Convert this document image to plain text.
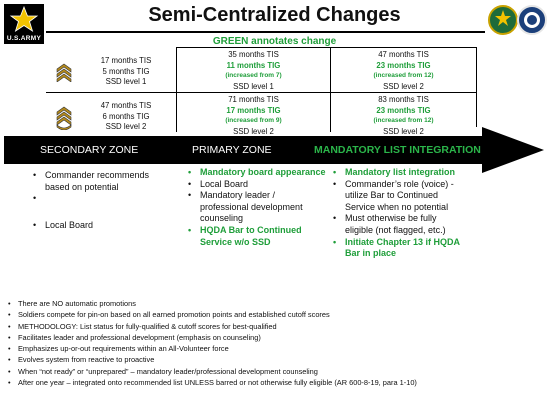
U.S.ARMY
Semi-Centralized Changes
GREEN annotates change
17 months TIS
5 months TIG
SSD level 1
35 months TIS
11 months TIG
(increased from 7)
SSD level 1
47 months TIS
23 months TIG
(increased from 12)
SSD level 2
47 months TIS
6 months TIG
SSD level 2
71 months TIS
17 months TIG
(increased from 9)
SSD level 2
83 months TIS
23 months TIG
(increased from 12)
SSD level 2
SECONDARY ZONE	PRIMARY ZONE	MANDATORY LIST INTEGRATION
• Commander recommends based on potential
•
• Local Board
• Mandatory board appearance
• Local Board
• Mandatory leader / professional development counseling
• HQDA Bar to Continued Service w/o SSD
• Mandatory list integration
• Commander’s role (voice) - utilize Bar to Continued Service when no potential
• Must otherwise be fully eligible (not flagged, etc.)
• Initiate Chapter 13 if HQDA Bar in place
• There are NO automatic promotions
• Soldiers compete for pin-on based on all earned promotion points and established cutoff scores
• METHODOLOGY: List status for fully-qualified & cutoff scores for best-qualified
• Facilitates leader and professional development (emphasis on counseling)
• Emphasizes up-or-out requirements within an All-Volunteer force
• Evolves system from reactive to proactive
• When “not ready” or “unprepared” – mandatory leader/professional development counseling
• After one year – integrated onto recommended list UNLESS barred or not otherwise fully eligible (AR 600-8-19, para 1-10)
